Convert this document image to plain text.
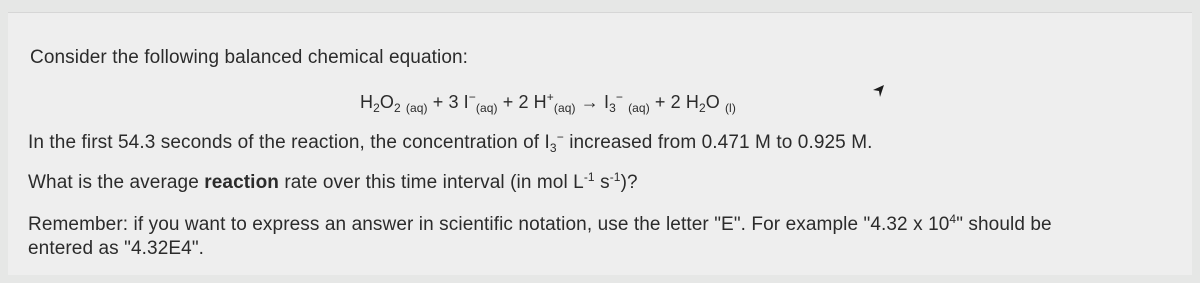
Consider the following balanced chemical equation:
$H_2O_2$ $_{(aq)}$ + 3 $I^-_{(aq)} + 2$ $H^+_{(aq)} \to I_3^-$ $_{(aq)}$ + 2 $H_2O$ $_{(l)}$
In the first 54.3 seconds of the reaction, the concentration of $I_3^-$ increased from 0.471 M to 0.925 M.
What is the average reaction rate over this time interval (in mol $L^{-1}$ $s^{-1}$)?
Remember: if you want to express an answer in scientific notation, use the letter "E". For example "4.32 x $10^4$" should be
entered as "4.32E4".
